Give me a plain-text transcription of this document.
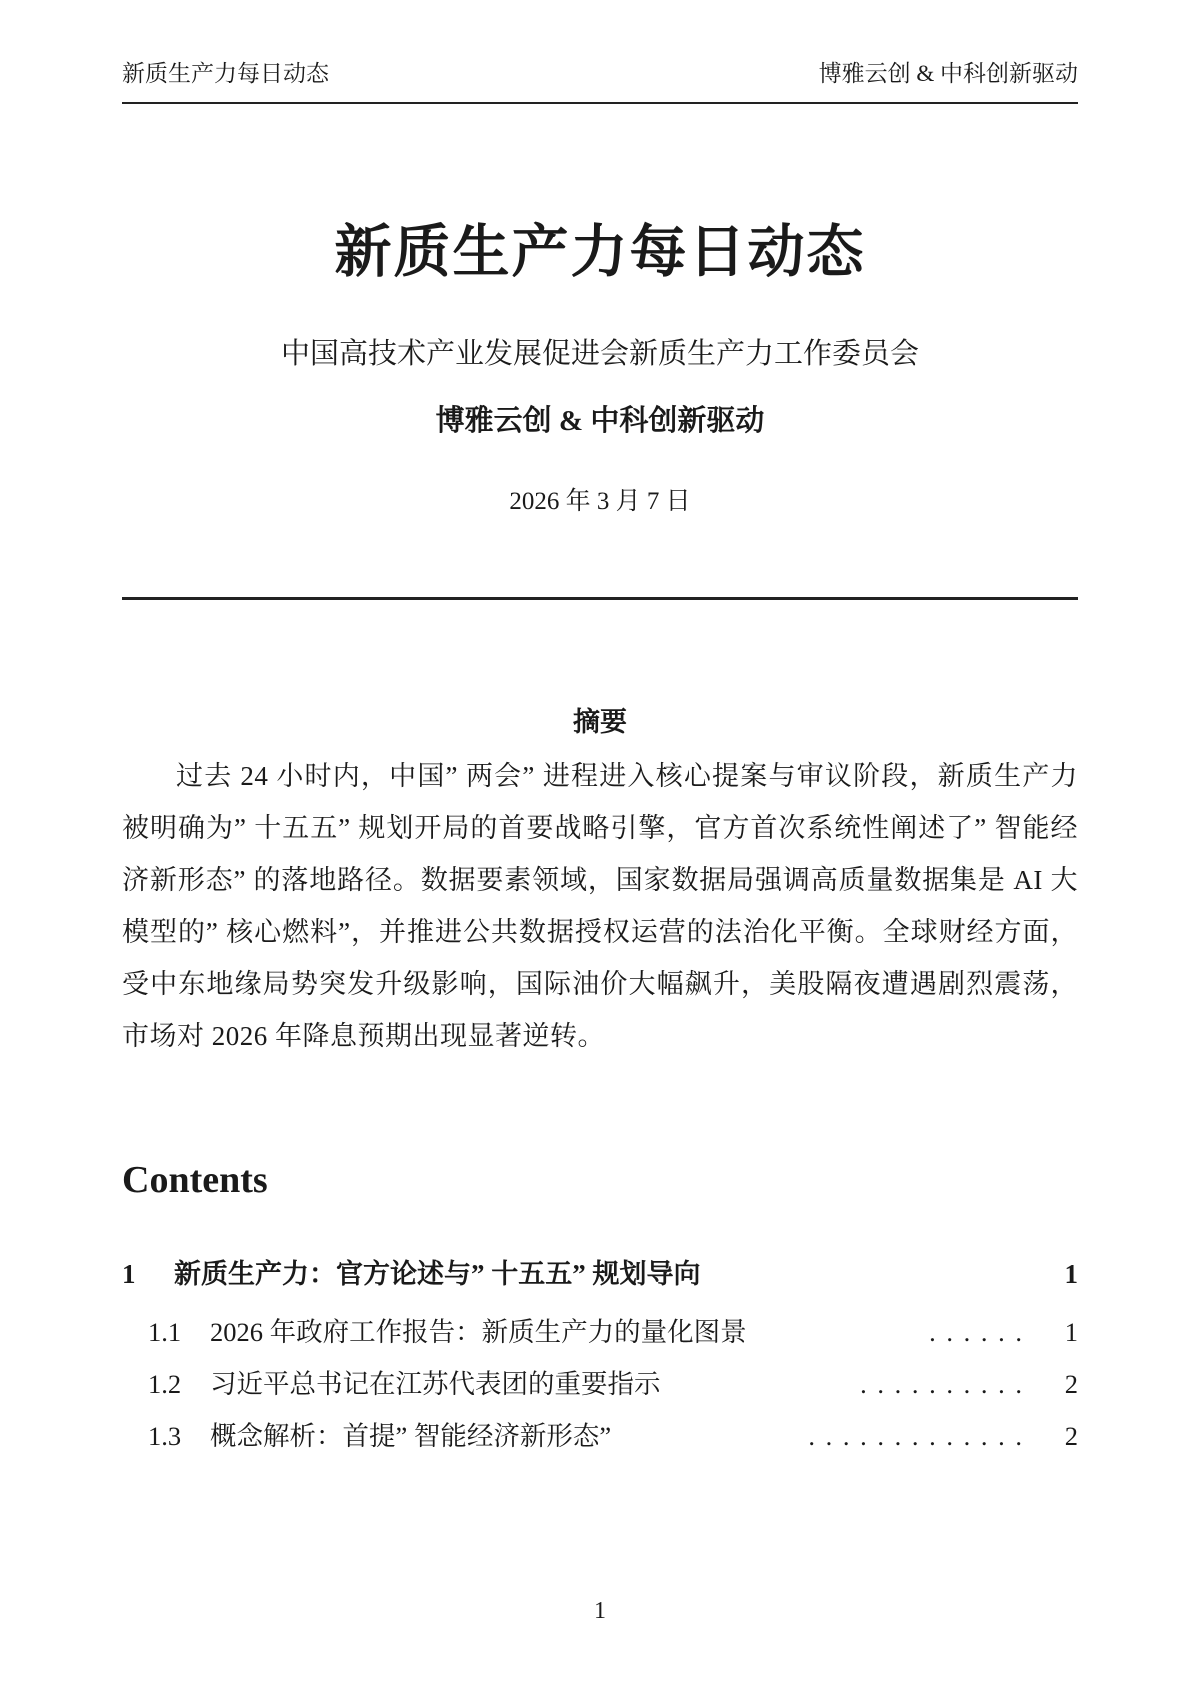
新质生产力每日动态	博雅云创 & 中科创新驱动
新质生产力每日动态
中国高技术产业发展促进会新质生产力工作委员会
博雅云创 & 中科创新驱动
2026 年 3 月 7 日
摘要

过去 24 小时内，中国” 两会” 进程进入核心提案与审议阶段，新质生产力被明确为” 十五五” 规划开局的首要战略引擎，官方首次系统性阐述了” 智能经济新形态” 的落地路径。数据要素领域，国家数据局强调高质量数据集是 AI 大模型的” 核心燃料”，并推进公共数据授权运营的法治化平衡。全球财经方面，受中东地缘局势突发升级影响，国际油价大幅飙升，美股隔夜遭遇剧烈震荡，市场对 2026 年降息预期出现显著逆转。

Contents
1	新质生产力：官方论述与” 十五五” 规划导向	1
1.1	2026 年政府工作报告：新质生产力的量化图景	. . . . . .	1
1.2	习近平总书记在江苏代表团的重要指示	. . . . . . . . . .	2
1.3	概念解析：首提” 智能经济新形态”	. . . . . . . . . . . . .	2
1
